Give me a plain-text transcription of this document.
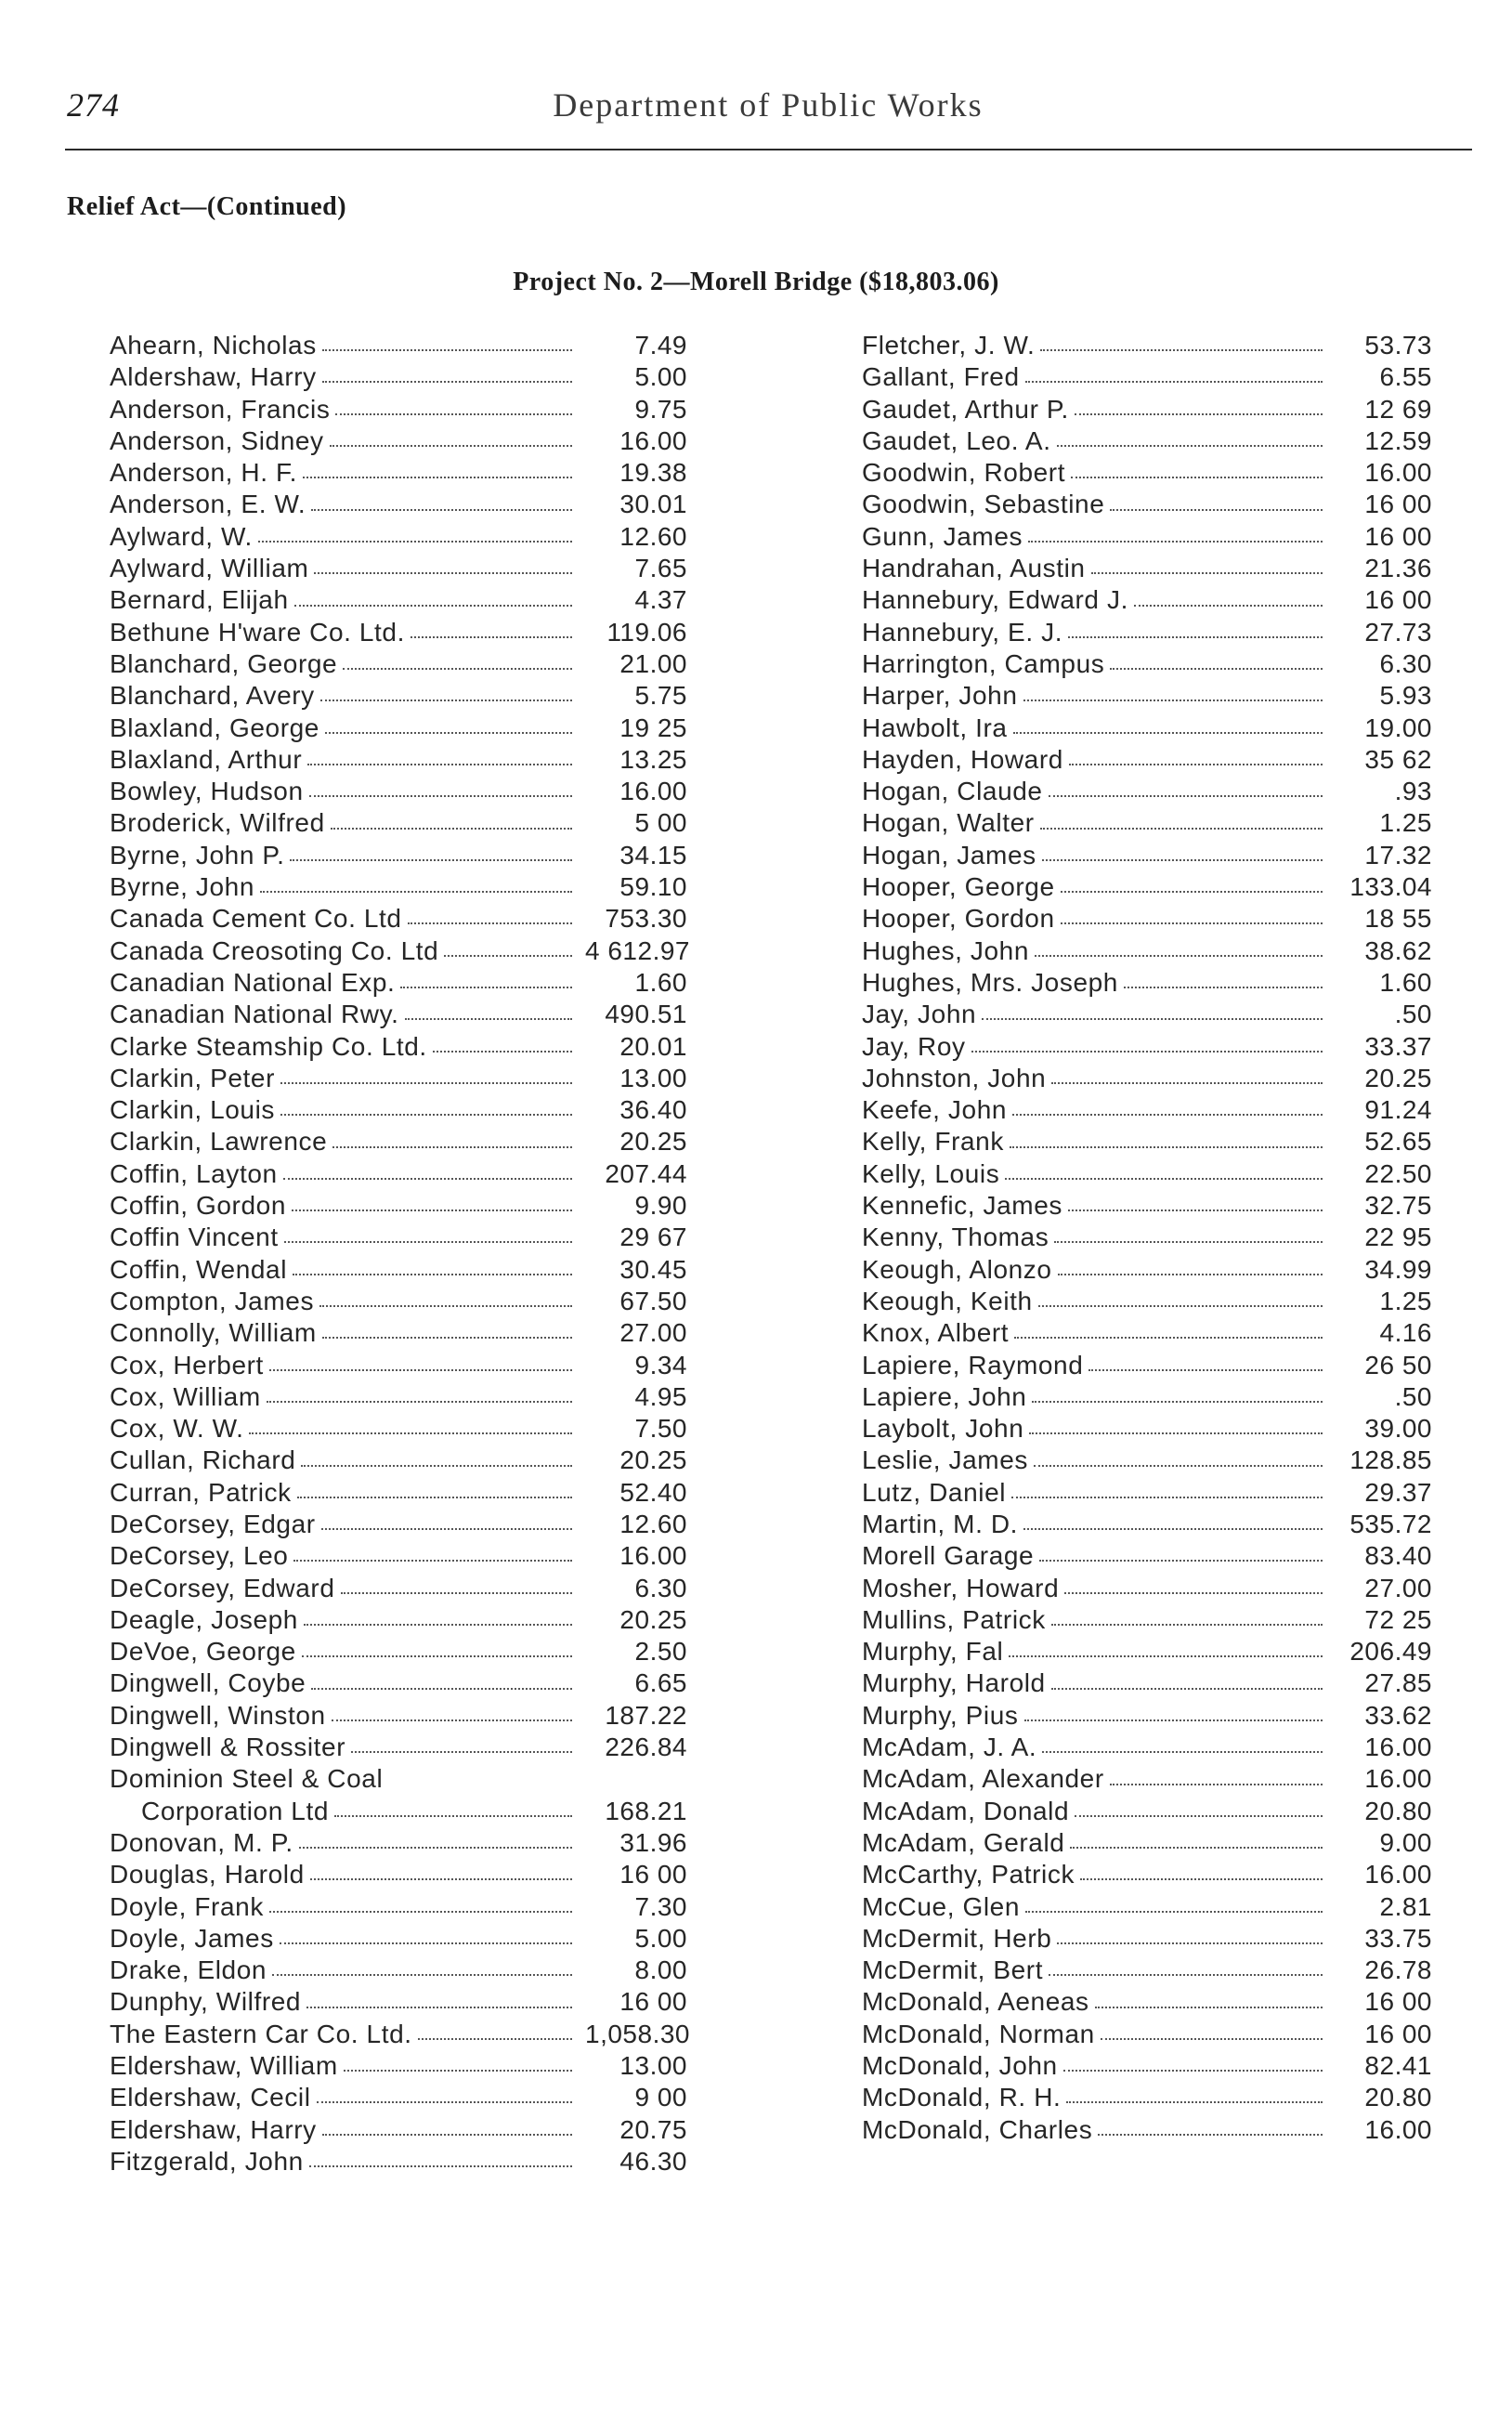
274	Department of Public Works
Relief Act—(Continued)
Project No. 2—Morell Bridge ($18,803.06)
Ahearn, Nicholas	7.49
Aldershaw, Harry	5.00
Anderson, Francis	9.75
Anderson, Sidney	16.00
Anderson, H. F.	19.38
Anderson, E. W.	30.01
Aylward, W.	12.60
Aylward, William	7.65
Bernard, Elijah	4.37
Bethune H'ware Co. Ltd.	119.06
Blanchard, George	21.00
Blanchard, Avery	5.75
Blaxland, George	19 25
Blaxland, Arthur	13.25
Bowley, Hudson	16.00
Broderick, Wilfred	5 00
Byrne, John P.	34.15
Byrne, John	59.10
Canada Cement Co. Ltd	753.30
Canada Creosoting Co. Ltd	4 612.97
Canadian National Exp.	1.60
Canadian National Rwy.	490.51
Clarke Steamship Co. Ltd.	20.01
Clarkin, Peter	13.00
Clarkin, Louis	36.40
Clarkin, Lawrence	20.25
Coffin, Layton	207.44
Coffin, Gordon	9.90
Coffin Vincent	29 67
Coffin, Wendal	30.45
Compton, James	67.50
Connolly, William	27.00
Cox, Herbert	9.34
Cox, William	4.95
Cox, W. W.	7.50
Cullan, Richard	20.25
Curran, Patrick	52.40
DeCorsey, Edgar	12.60
DeCorsey, Leo	16.00
DeCorsey, Edward	6.30
Deagle, Joseph	20.25
DeVoe, George	2.50
Dingwell, Coybe	6.65
Dingwell, Winston	187.22
Dingwell & Rossiter	226.84
Dominion Steel & Coal
Corporation Ltd	168.21
Donovan, M. P.	31.96
Douglas, Harold	16 00
Doyle, Frank	7.30
Doyle, James	5.00
Drake, Eldon	8.00
Dunphy, Wilfred	16 00
The Eastern Car Co. Ltd.	1,058.30
Eldershaw, William	13.00
Eldershaw, Cecil	9 00
Eldershaw, Harry	20.75
Fitzgerald, John	46.30
Fletcher, J. W.	53.73
Gallant, Fred	6.55
Gaudet, Arthur P.	12 69
Gaudet, Leo. A.	12.59
Goodwin, Robert	16.00
Goodwin, Sebastine	16 00
Gunn, James	16 00
Handrahan, Austin	21.36
Hannebury, Edward J.	16 00
Hannebury, E. J.	27.73
Harrington, Campus	6.30
Harper, John	5.93
Hawbolt, Ira	19.00
Hayden, Howard	35 62
Hogan, Claude	.93
Hogan, Walter	1.25
Hogan, James	17.32
Hooper, George	133.04
Hooper, Gordon	18 55
Hughes, John	38.62
Hughes, Mrs. Joseph	1.60
Jay, John	.50
Jay, Roy	33.37
Johnston, John	20.25
Keefe, John	91.24
Kelly, Frank	52.65
Kelly, Louis	22.50
Kennefic, James	32.75
Kenny, Thomas	22 95
Keough, Alonzo	34.99
Keough, Keith	1.25
Knox, Albert	4.16
Lapiere, Raymond	26 50
Lapiere, John	.50
Laybolt, John	39.00
Leslie, James	128.85
Lutz, Daniel	29.37
Martin, M. D.	535.72
Morell Garage	83.40
Mosher, Howard	27.00
Mullins, Patrick	72 25
Murphy, Fal	206.49
Murphy, Harold	27.85
Murphy, Pius	33.62
McAdam, J. A.	16.00
McAdam, Alexander	16.00
McAdam, Donald	20.80
McAdam, Gerald	9.00
McCarthy, Patrick	16.00
McCue, Glen	2.81
McDermit, Herb	33.75
McDermit, Bert	26.78
McDonald, Aeneas	16 00
McDonald, Norman	16 00
McDonald, John	82.41
McDonald, R. H.	20.80
McDonald, Charles	16.00
